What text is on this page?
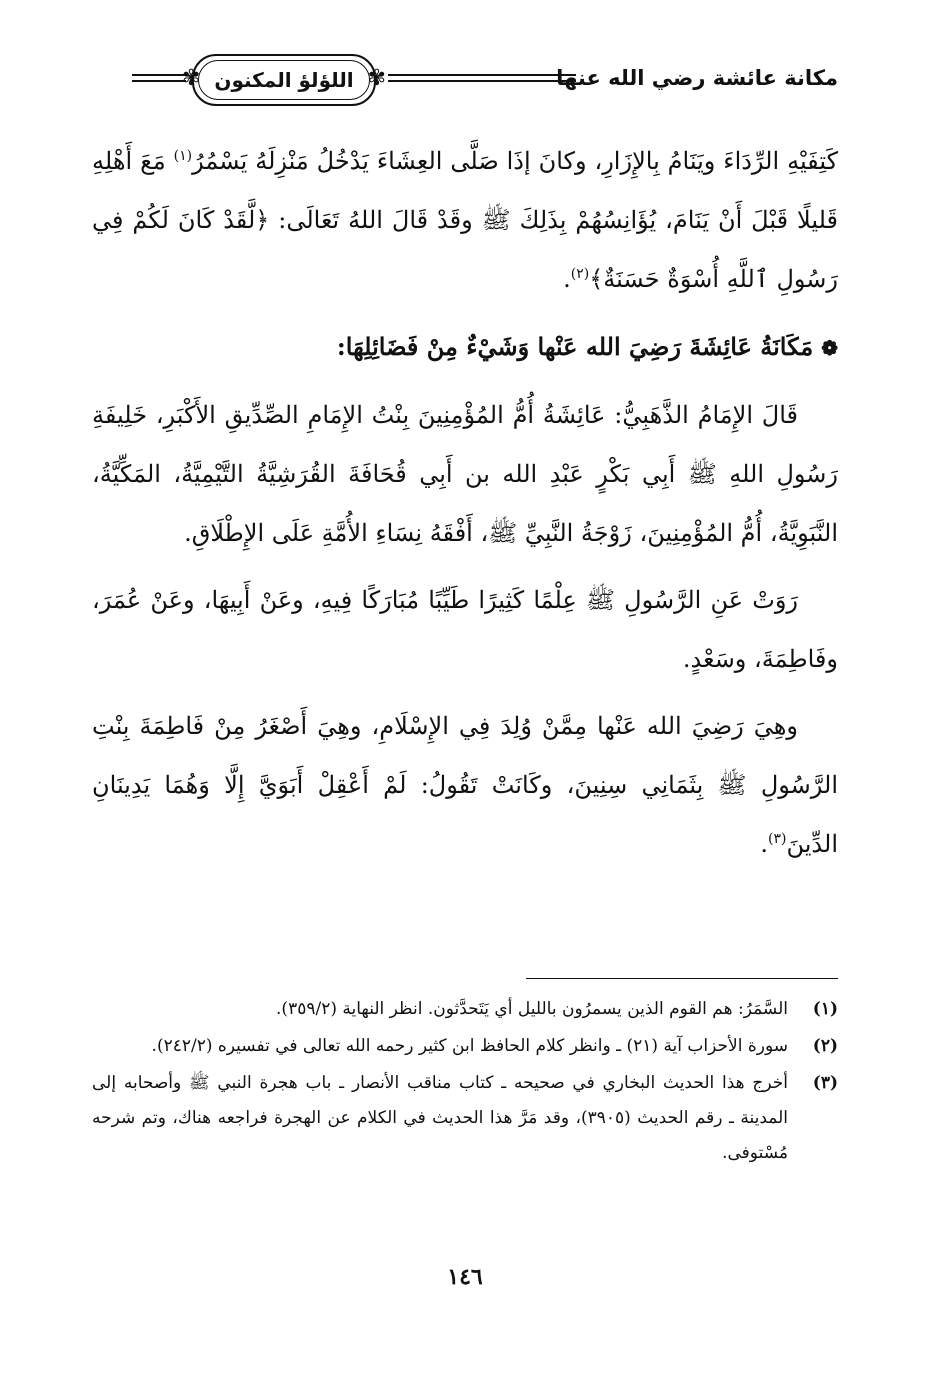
مكانة عائشة رضي الله عنها
✾
اللؤلؤ المكنون
✾

كَتِفَيْهِ الرِّدَاءَ ويَنَامُ بِالإِزَارِ، وكانَ إذَا صَلَّى العِشَاءَ يَدْخُلُ مَنْزِلَهُ يَسْمُرُ$^{(١)}$ مَعَ أَهْلِهِ قَليلًا قَبْلَ أَنْ يَنَامَ، يُؤَانِسُهُمْ بِذَلِكَ ﷺ وقَدْ قَالَ اللهُ تَعَالَى: ﴿لَّقَدْ كَانَ لَكُمْ فِي رَسُولِ ٱللَّهِ أُسْوَةٌ حَسَنَةٌ﴾$^{(٢)}$.

❁مَكَانَةُ عَائِشَةَ رَضِيَ الله عَنْها وَشَيْءٌ مِنْ فَضَائِلِهَا:

قَالَ الإِمَامُ الذَّهَبِيُّ: عَائِشَةُ أُمُّ المُؤْمِنِينَ بِنْتُ الإِمَامِ الصِّدِّيقِ الأَكْبَرِ، خَلِيفَةِ رَسُولِ اللهِ ﷺ أَبِي بَكْرٍ عَبْدِ الله بن أَبِي قُحَافَةَ القُرَشِيَّةُ التَّيْمِيَّةُ، المَكِّيَّةُ، النَّبَوِيَّةُ، أُمُّ المُؤْمِنِينَ، زَوْجَةُ النَّبِيِّ ﷺ، أَفْقَهُ نِسَاءِ الأُمَّةِ عَلَى الإِطْلَاقِ.

رَوَتْ عَنِ الرَّسُولِ ﷺ عِلْمًا كَثِيرًا طَيِّبًا مُبَارَكًا فِيهِ، وعَنْ أَبِيهَا، وعَنْ عُمَرَ، وفَاطِمَةَ، وسَعْدٍ.

وهِيَ رَضِيَ الله عَنْها مِمَّنْ وُلِدَ فِي الإِسْلَامِ، وهِيَ أَصْغَرُ مِنْ فَاطِمَةَ بِنْتِ الرَّسُولِ ﷺ بِثَمَانِي سِنِينَ، وكَانَتْ تَقُولُ: لَمْ أَعْقِلْ أَبَوَيَّ إِلَّا وَهُمَا يَدِينَانِ الدِّينَ$^{(٣)}$.

(١)
السَّمَرُ: هم القوم الذين يسمرُون بالليل أي يَتَحدَّثون. انظر النهاية (٣٥٩/٢).
(٢)
سورة الأحزاب آية (٢١) ـ وانظر كلام الحافظ ابن كثير رحمه الله تعالى في تفسيره (٢٤٢/٢).
(٣)
أخرج هذا الحديث البخاري في صحيحه ـ كتاب مناقب الأنصار ـ باب هجرة النبي ﷺ وأصحابه إلى المدينة ـ رقم الحديث (٣٩٠٥)، وقد مَرَّ هذا الحديث في الكلام عن الهجرة فراجعه هناك، وتم شرحه مُسْتوفى.
١٤٦
